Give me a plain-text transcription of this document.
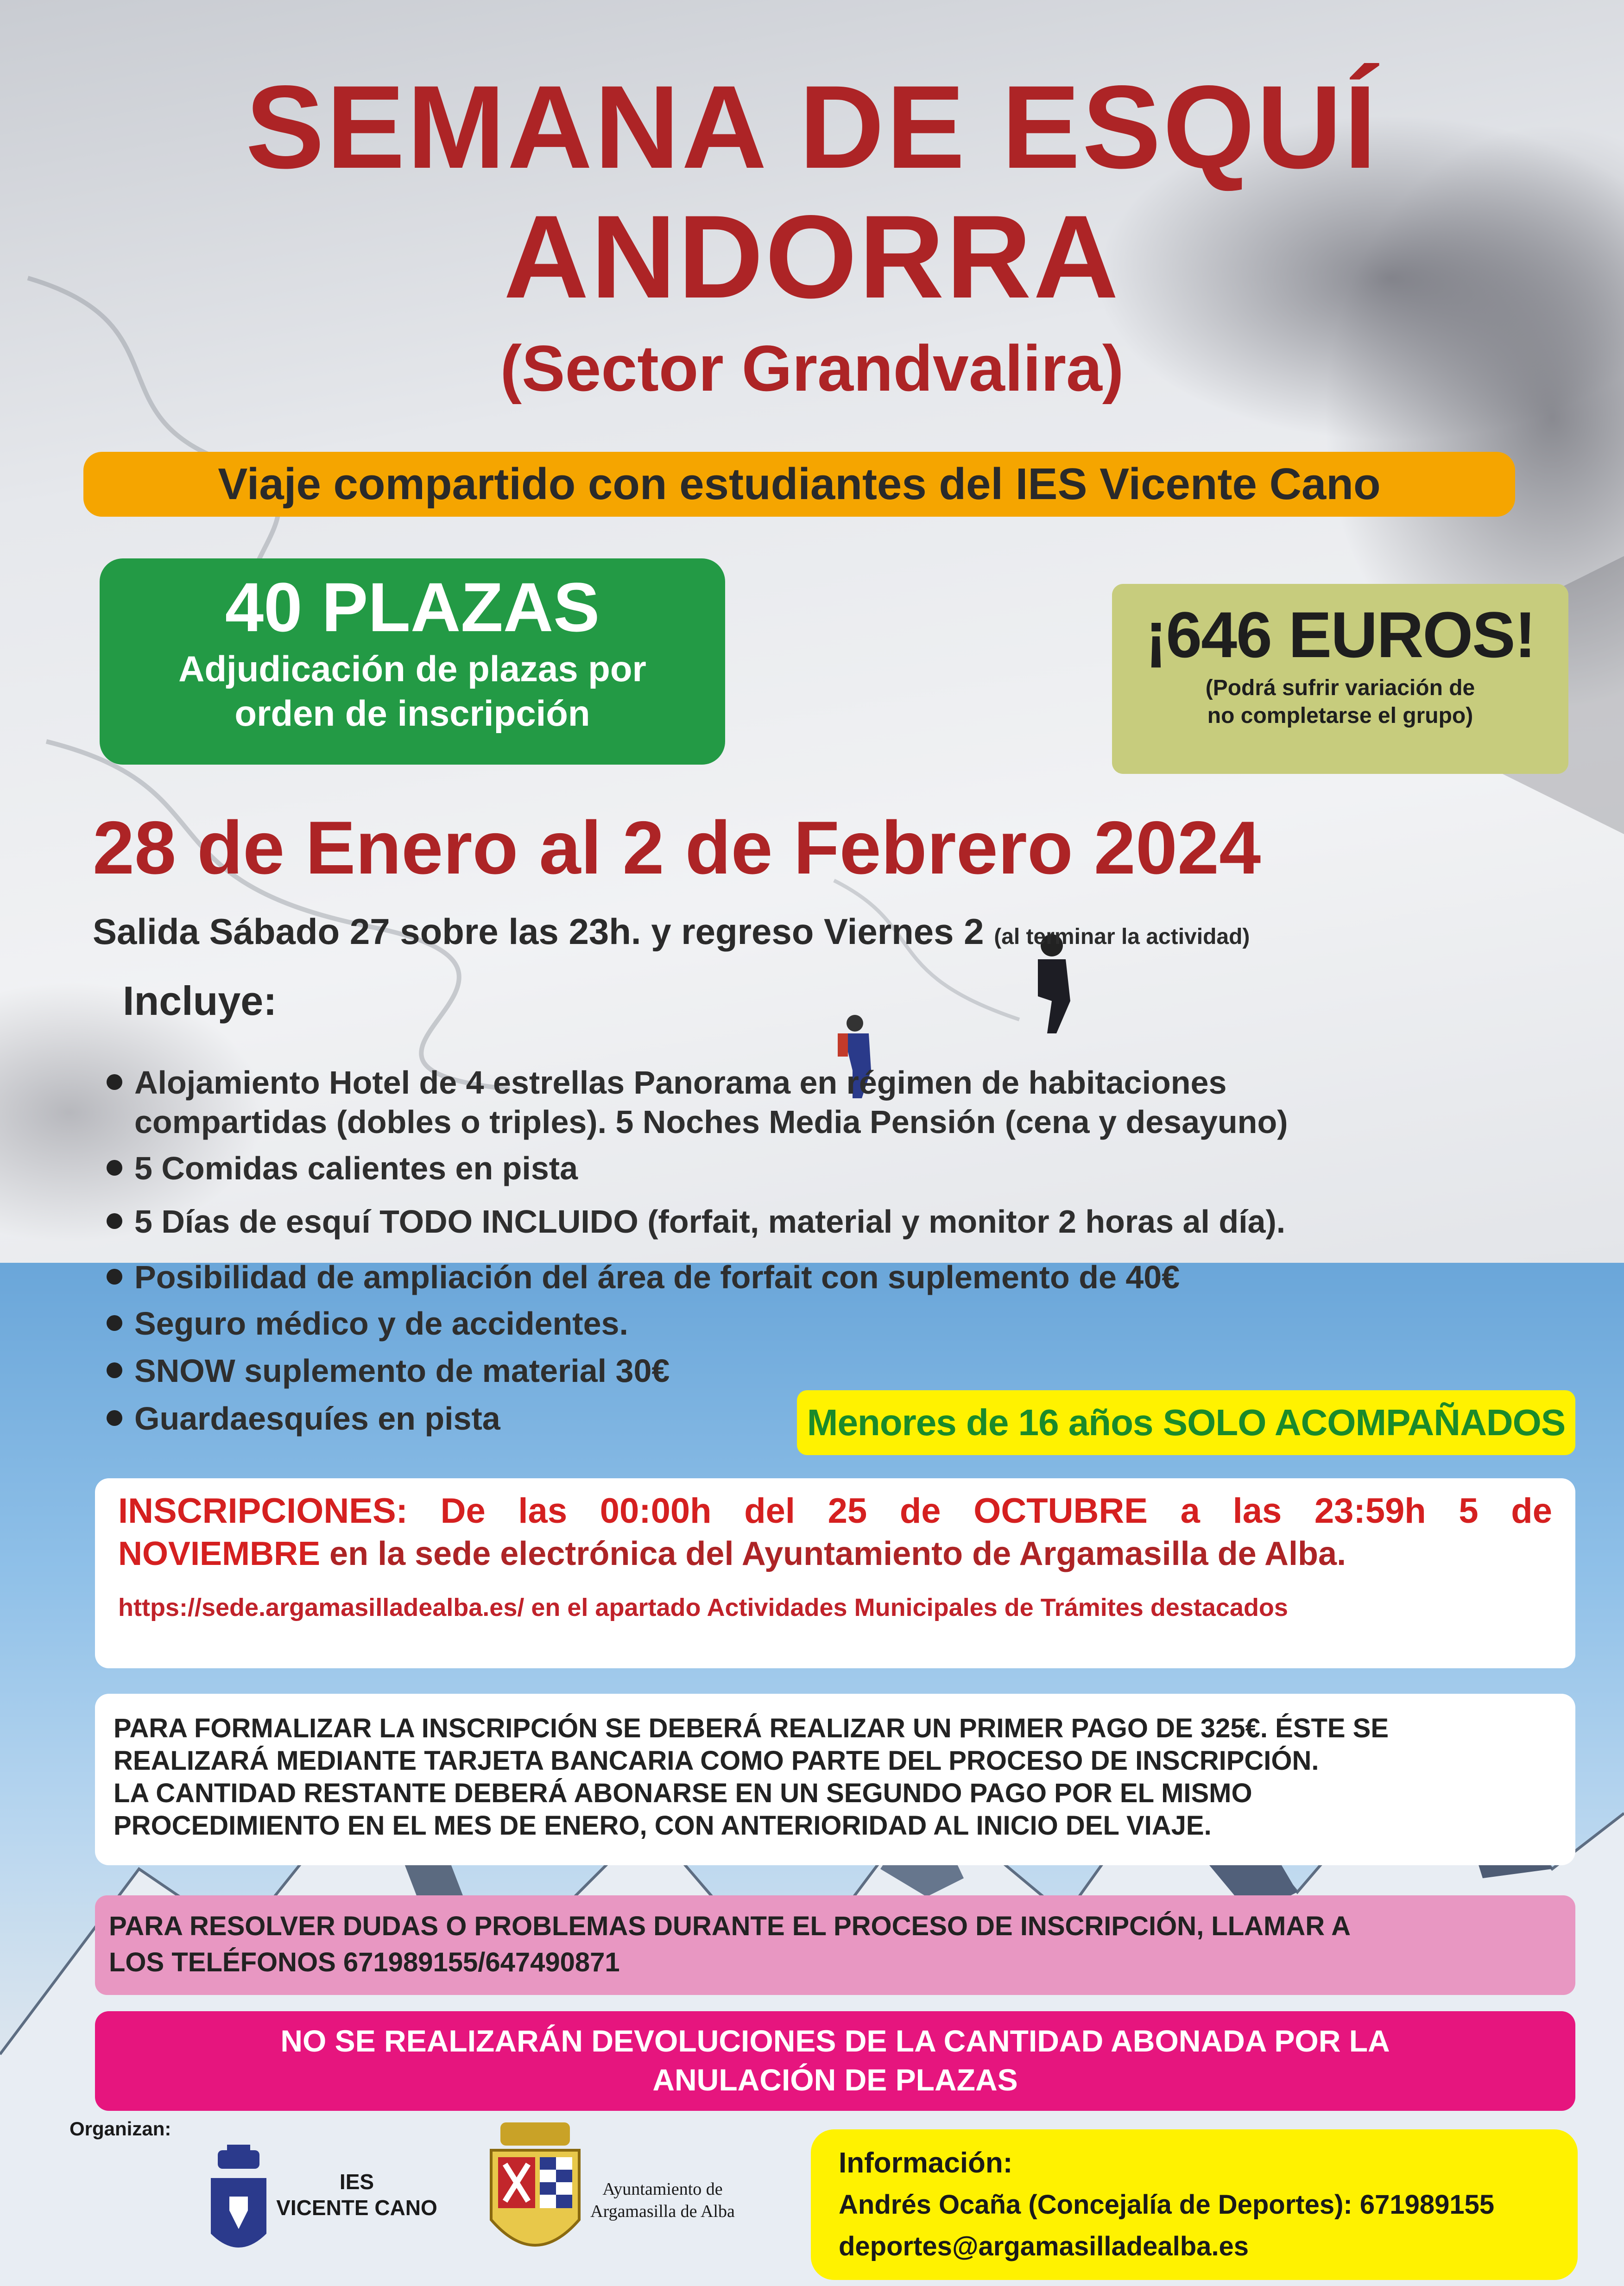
SEMANA DE ESQUÍ
ANDORRA
(Sector Grandvalira)
Viaje compartido con estudiantes del IES Vicente Cano
40 PLAZAS
Adjudicación de plazas por
orden de inscripción
¡646 EUROS!
(Podrá sufrir variación de
no completarse el grupo)
28 de Enero al 2 de Febrero 2024
Salida Sábado 27 sobre las 23h. y regreso Viernes 2 (al terminar la actividad)
Incluye:
Alojamiento Hotel de 4 estrellas Panorama en régimen de habitaciones
compartidas (dobles o triples). 5 Noches Media Pensión (cena y desayuno)
5 Comidas calientes en pista
5 Días de esquí TODO INCLUIDO (forfait, material y monitor 2 horas al día).
Posibilidad de ampliación del área de forfait con suplemento de 40€
Seguro médico y de accidentes.
SNOW suplemento de material 30€
Guardaesquíes en pista	Menores de 16 años SOLO ACOMPAÑADOS
INSCRIPCIONES: De las 00:00h del 25 de OCTUBRE a las 23:59h 5 de
NOVIEMBRE en la sede electrónica del Ayuntamiento de Argamasilla de Alba.
https://sede.argamasilladealba.es/ en el apartado Actividades Municipales de Trámites destacados
PARA FORMALIZAR LA INSCRIPCIÓN SE DEBERÁ REALIZAR UN PRIMER PAGO DE 325€. ÉSTE SE
REALIZARÁ MEDIANTE TARJETA BANCARIA COMO PARTE DEL PROCESO DE INSCRIPCIÓN.
LA CANTIDAD RESTANTE DEBERÁ ABONARSE EN UN SEGUNDO PAGO POR EL MISMO
PROCEDIMIENTO EN EL MES DE ENERO, CON ANTERIORIDAD AL INICIO DEL VIAJE.
PARA RESOLVER DUDAS O PROBLEMAS DURANTE EL PROCESO DE INSCRIPCIÓN, LLAMAR A
LOS TELÉFONOS 671989155/647490871
NO SE REALIZARÁN DEVOLUCIONES DE LA CANTIDAD ABONADA POR LA
ANULACIÓN DE PLAZAS
Organizan:
IES
VICENTE CANO
Ayuntamiento de
Argamasilla de Alba
Información:
Andrés Ocaña (Concejalía de Deportes): 671989155
deportes@argamasilladealba.es
